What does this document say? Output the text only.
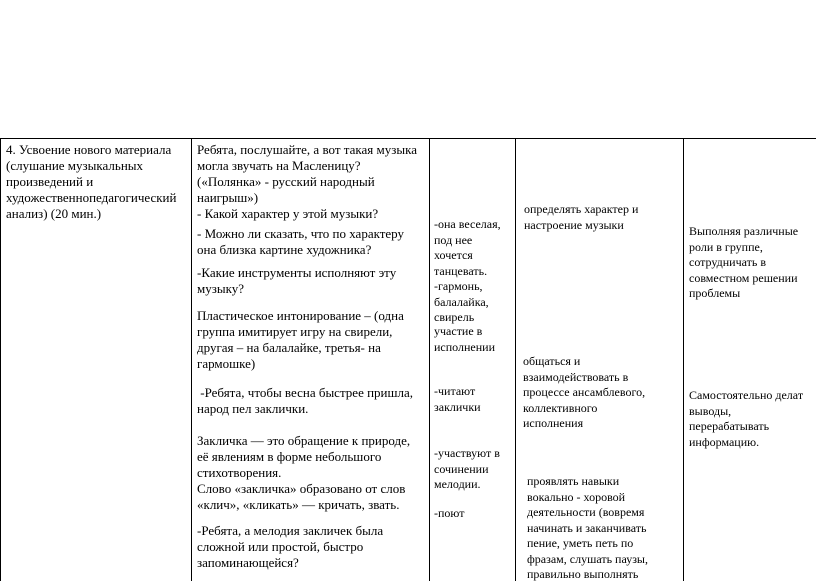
4. Усвоение нового материала
(слушание музыкальных
произведений и
художественнопедагогический
анализ) (20 мин.)
Ребята, послушайте, а вот такая музыка
могла звучать на Масленицу?
(«Полянка» - русский народный
наигрыш»)
- Какой характер у этой музыки?
- Можно ли сказать, что по характеру
она близка картине художника?
-Какие инструменты исполняют эту
музыку?
Пластическое интонирование – (одна
группа имитирует игру на свирели,
другая – на балалайке, третья- на
гармошке)
-Ребята, чтобы весна быстрее пришла,
народ пел заклички.
Закличка — это обращение к природе,
её явлениям в форме небольшого
стихотворения.
Слово «закличка» образовано от слов
«клич», «кликать» — кричать, звать.
-Ребята, а мелодия закличек была
сложной или простой, быстро
запоминающейся?
-она веселая,
под нее
хочется
танцевать.
-гармонь,
балалайка,
свирель
участие в
исполнении
-читают
заклички
-участвуют в
сочинении
мелодии.
-поют
определять характер и
настроение музыки
общаться и
взаимодействовать в
процессе ансамблевого,
коллективного
исполнения
проявлять навыки
вокально - хоровой
деятельности (вовремя
начинать и заканчивать
пение, уметь петь по
фразам, слушать паузы,
правильно выполнять
Выполняя различные
роли в группе,
сотрудничать в
совместном решении
проблемы
Самостоятельно делат
выводы,
перерабатывать
информацию.
